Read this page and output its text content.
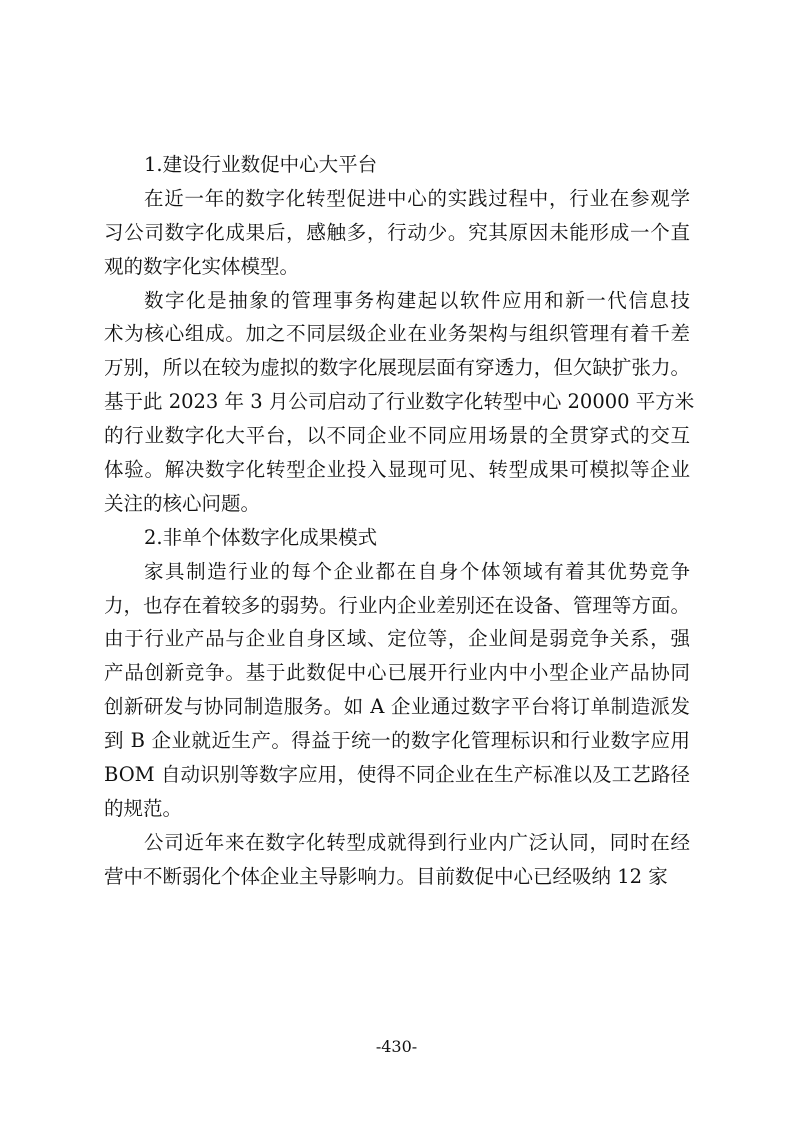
1.建设行业数促中心大平台
在近一年的数字化转型促进中心的实践过程中，行业在参观学
习公司数字化成果后，感触多，行动少。究其原因未能形成一个直
观的数字化实体模型。
数字化是抽象的管理事务构建起以软件应用和新一代信息技
术为核心组成。加之不同层级企业在业务架构与组织管理有着千差
万别，所以在较为虚拟的数字化展现层面有穿透力，但欠缺扩张力。
基于此 2023 年 3 月公司启动了行业数字化转型中心 20000 平方米
的行业数字化大平台，以不同企业不同应用场景的全贯穿式的交互
体验。解决数字化转型企业投入显现可见、转型成果可模拟等企业
关注的核心问题。
2.非单个体数字化成果模式
家具制造行业的每个企业都在自身个体领域有着其优势竞争
力，也存在着较多的弱势。行业内企业差别还在设备、管理等方面。
由于行业产品与企业自身区域、定位等，企业间是弱竞争关系，强
产品创新竞争。基于此数促中心已展开行业内中小型企业产品协同
创新研发与协同制造服务。如 A 企业通过数字平台将订单制造派发
到 B 企业就近生产。得益于统一的数字化管理标识和行业数字应用
BOM 自动识别等数字应用，使得不同企业在生产标准以及工艺路径
的规范。
公司近年来在数字化转型成就得到行业内广泛认同，同时在经
营中不断弱化个体企业主导影响力。目前数促中心已经吸纳 12 家
-430-
